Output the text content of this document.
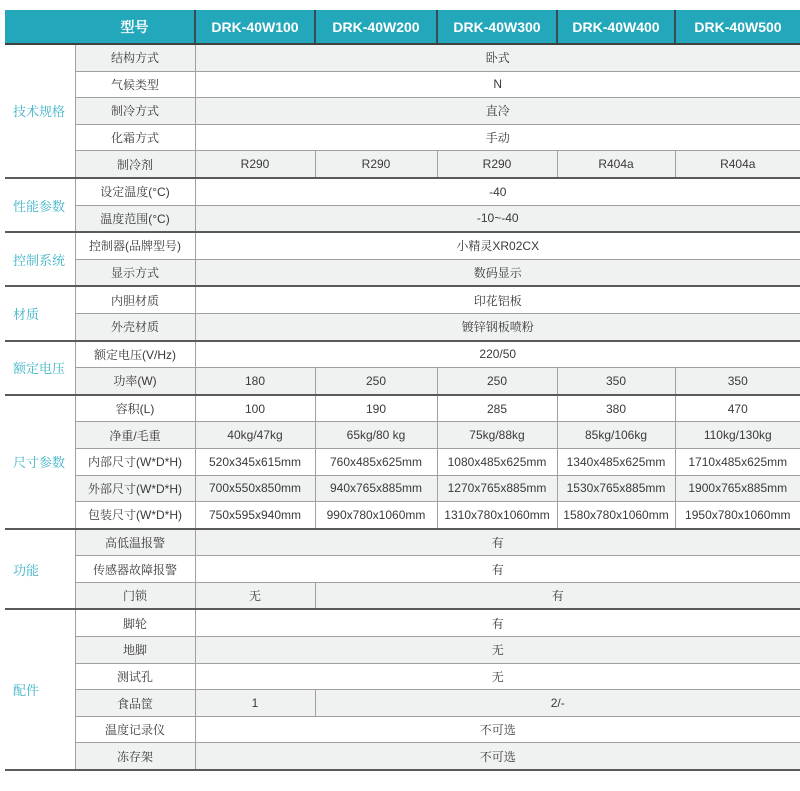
型号		DRK-40W100	DRK-40W200	DRK-40W300	DRK-40W400	DRK-40W500
技术规格	结构方式	卧式				
	气候类型	N				
	制冷方式	直冷				
	化霜方式	手动				
	制冷剂	R290	R290	R290	R404a	R404a
性能参数	设定温度(°C)	-40				
	温度范围(°C)	-10~-40				
控制系统	控制器(品牌型号)	小精灵XR02CX				
	显示方式	数码显示				
材质	内胆材质	印花铝板				
	外壳材质	镀锌钢板喷粉				
额定电压	额定电压(V/Hz)	220/50				
	功率(W)	180	250	250	350	350
尺寸参数	容积(L)	100	190	285	380	470
	净重/毛重	40kg/47kg	65kg/80 kg	75kg/88kg	85kg/106kg	110kg/130kg
	内部尺寸(W*D*H)	520x345x615mm	760x485x625mm	1080x485x625mm	1340x485x625mm	1710x485x625mm
	外部尺寸(W*D*H)	700x550x850mm	940x765x885mm	1270x765x885mm	1530x765x885mm	1900x765x885mm
	包装尺寸(W*D*H)	750x595x940mm	990x780x1060mm	1310x780x1060mm	1580x780x1060mm	1950x780x1060mm
功能	高低温报警	有				
	传感器故障报警	有				
	门锁	无	有			
配件	脚轮	有				
	地脚	无				
	测试孔	无				
	食品筐	1	2/-			
	温度记录仪	不可选				
	冻存架	不可选				
